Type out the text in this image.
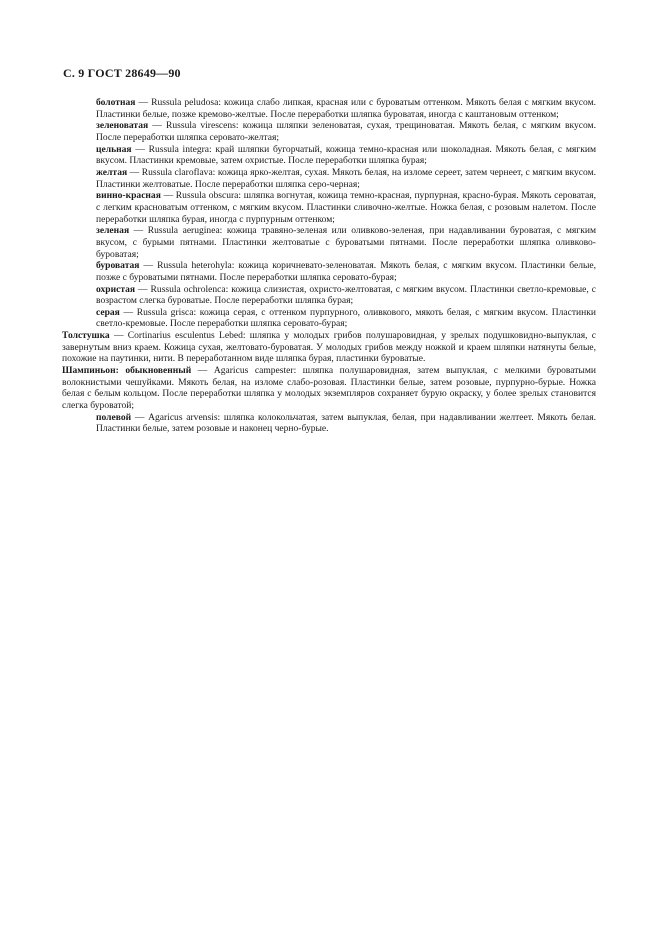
С. 9 ГОСТ 28649—90

болотная — Russula peludosa: кожица слабо липкая, красная или с буроватым оттенком. Мякоть белая с мягким вкусом. Пластинки белые, позже кремово-желтые. После переработки шляпка буроватая, иногда с каштановым оттенком;

зеленоватая — Russula virescens: кожица шляпки зеленоватая, сухая, трещиноватая. Мякоть белая, с мягким вкусом. После переработки шляпка серовато-желтая;

цельная — Russula integra: край шляпки бугорчатый, кожица темно-красная или шоколадная. Мякоть белая, с мягким вкусом. Пластинки кремовые, затем охристые. После переработки шляпка бурая;

желтая — Russula claroflava: кожица ярко-желтая, сухая. Мякоть белая, на изломе сереет, затем чернеет, с мягким вкусом. Пластинки желтоватые. После переработки шляпка серо-черная;

винно-красная — Russula obscura: шляпка вогнутая, кожица темно-красная, пурпурная, красно-бурая. Мякоть сероватая, с легким красноватым оттенком, с мягким вкусом. Пластинки сливочно-желтые. Ножка белая, с розовым налетом. После переработки шляпка бурая, иногда с пурпурным оттенком;

зеленая — Russula aeruginea: кожица травяно-зеленая или оливково-зеленая, при надавливании буроватая, с мягким вкусом, с бурыми пятнами. Пластинки желтоватые с буроватыми пятнами. После переработки шляпка оливково-буроватая;

буроватая — Russula heterohyla: кожица коричневато-зеленоватая. Мякоть белая, с мягким вкусом. Пластинки белые, позже с буроватыми пятнами. После переработки шляпка серовато-бурая;

охристая — Russula ochrolenca: кожица слизистая, охристо-желтоватая, с мягким вкусом. Пластинки светло-кремовые, с возрастом слегка буроватые. После переработки шляпка бурая;

серая — Russula grisca: кожица серая, с оттенком пурпурного, оливкового, мякоть белая, с мягким вкусом. Пластинки светло-кремовые. После переработки шляпка серовато-бурая;

Толстушка — Cortinarius esculentus Lebed: шляпка у молодых грибов полушаровидная, у зрелых подушковидно-выпуклая, с завернутым вниз краем. Кожица сухая, желтовато-буроватая. У молодых грибов между ножкой и краем шляпки натянуты белые, похожие на паутинки, нити. В переработанном виде шляпка бурая, пластинки буроватые.

Шампиньон: обыкновенный — Agaricus campester: шляпка полушаровидная, затем выпуклая, с мелкими буроватыми волокнистыми чешуйками. Мякоть белая, на изломе слабо-розовая. Пластинки белые, затем розовые, пурпурно-бурые. Ножка белая с белым кольцом. После переработки шляпка у молодых экземпляров сохраняет бурую окраску, у более зрелых становится слегка буроватой;

полевой — Agaricus arvensis: шляпка колокольчатая, затем выпуклая, белая, при надавливании желтеет. Мякоть белая. Пластинки белые, затем розовые и наконец черно-бурые.
